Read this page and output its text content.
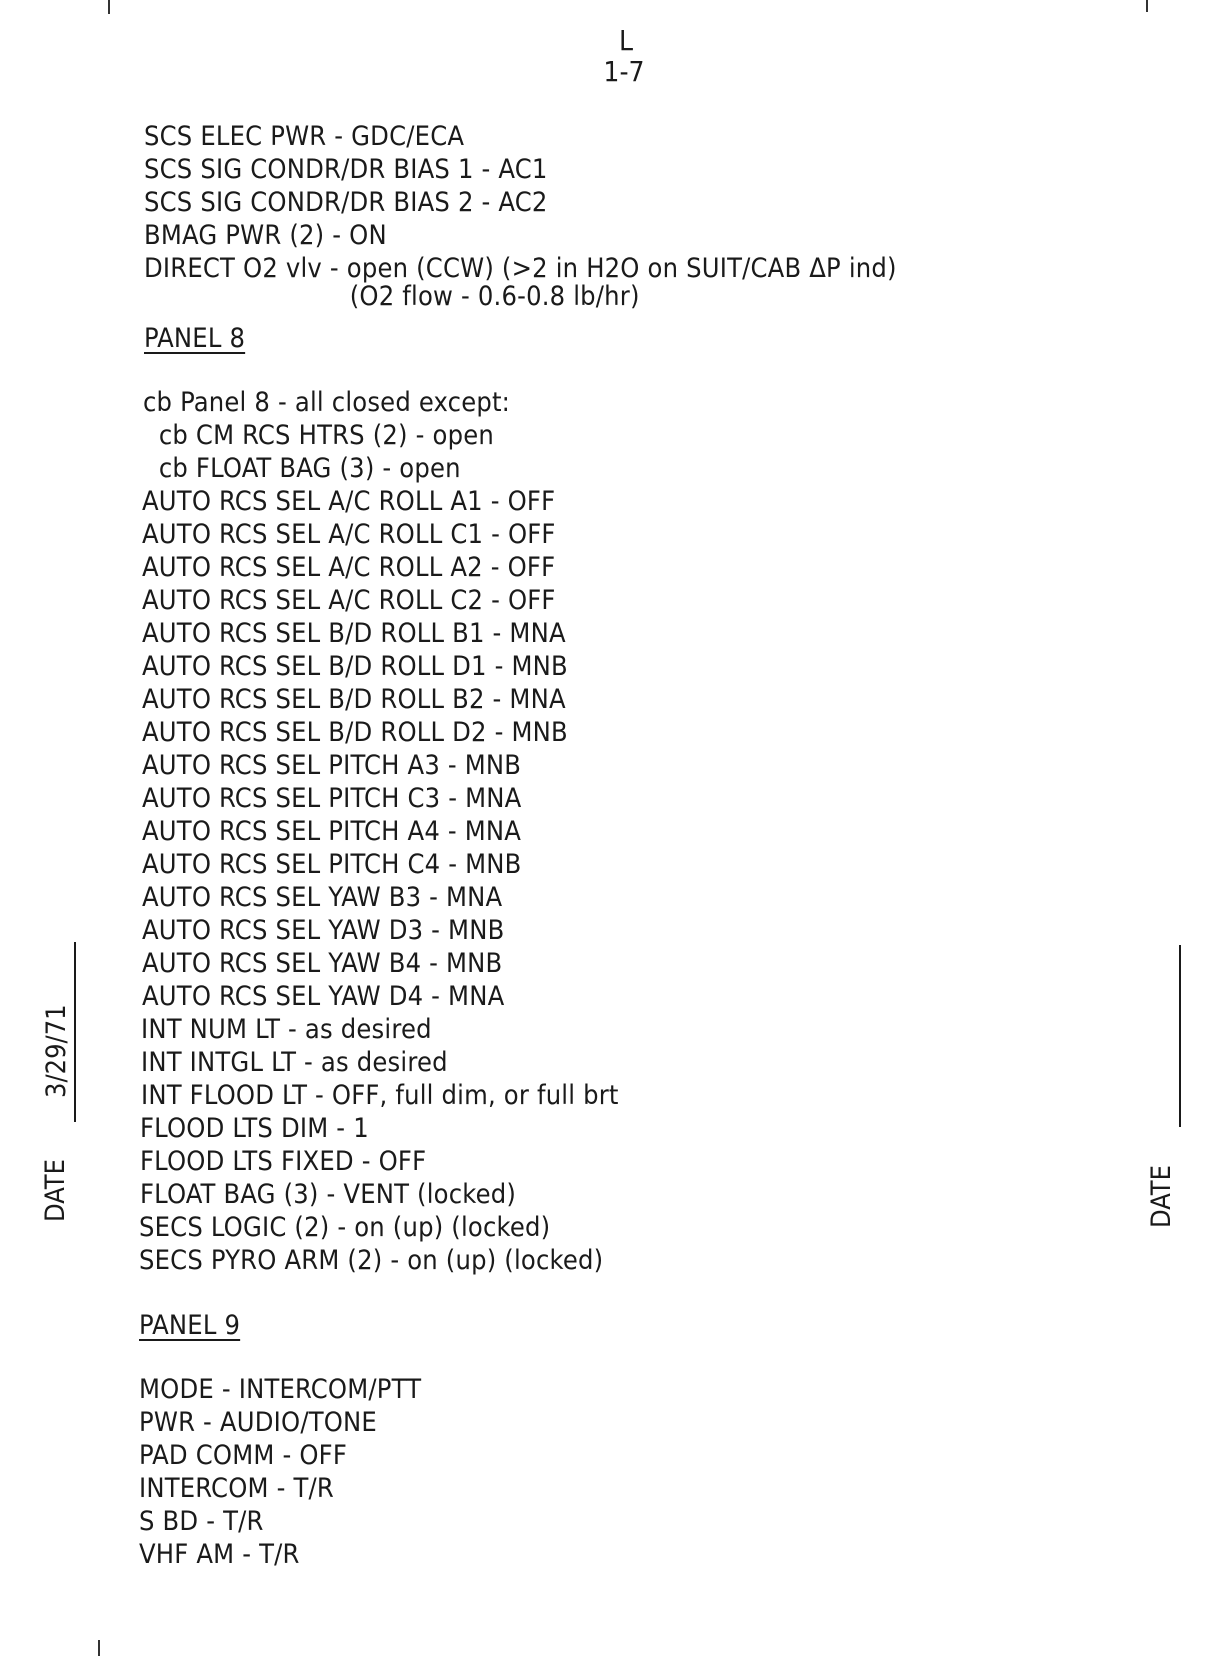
L
1-7
SCS ELEC PWR - GDC/ECA
SCS SIG CONDR/DR BIAS 1 - AC1
SCS SIG CONDR/DR BIAS 2 - AC2
BMAG PWR (2) - ON
DIRECT O2 vlv - open (CCW) (>2 in H2O on SUIT/CAB ΔP ind)
(O2 flow - 0.6-0.8 lb/hr)
PANEL 8
cb Panel 8 - all closed except:
cb CM RCS HTRS (2) - open
cb FLOAT BAG (3) - open
AUTO RCS SEL A/C ROLL A1 - OFF
AUTO RCS SEL A/C ROLL C1 - OFF
AUTO RCS SEL A/C ROLL A2 - OFF
AUTO RCS SEL A/C ROLL C2 - OFF
AUTO RCS SEL B/D ROLL B1 - MNA
AUTO RCS SEL B/D ROLL D1 - MNB
AUTO RCS SEL B/D ROLL B2 - MNA
AUTO RCS SEL B/D ROLL D2 - MNB
AUTO RCS SEL PITCH A3 - MNB
AUTO RCS SEL PITCH C3 - MNA
AUTO RCS SEL PITCH A4 - MNA
AUTO RCS SEL PITCH C4 - MNB
AUTO RCS SEL YAW B3 - MNA
AUTO RCS SEL YAW D3 - MNB
AUTO RCS SEL YAW B4 - MNB
AUTO RCS SEL YAW D4 - MNA
INT NUM LT - as desired
INT INTGL LT - as desired
INT FLOOD LT - OFF, full dim, or full brt
FLOOD LTS DIM - 1
FLOOD LTS FIXED - OFF
FLOAT BAG (3) - VENT (locked)
SECS LOGIC (2) - on (up) (locked)
SECS PYRO ARM (2) - on (up) (locked)
PANEL 9
MODE - INTERCOM/PTT
PWR - AUDIO/TONE
PAD COMM - OFF
INTERCOM - T/R
S BD - T/R
VHF AM - T/R
DATE
3/29/71
DATE
